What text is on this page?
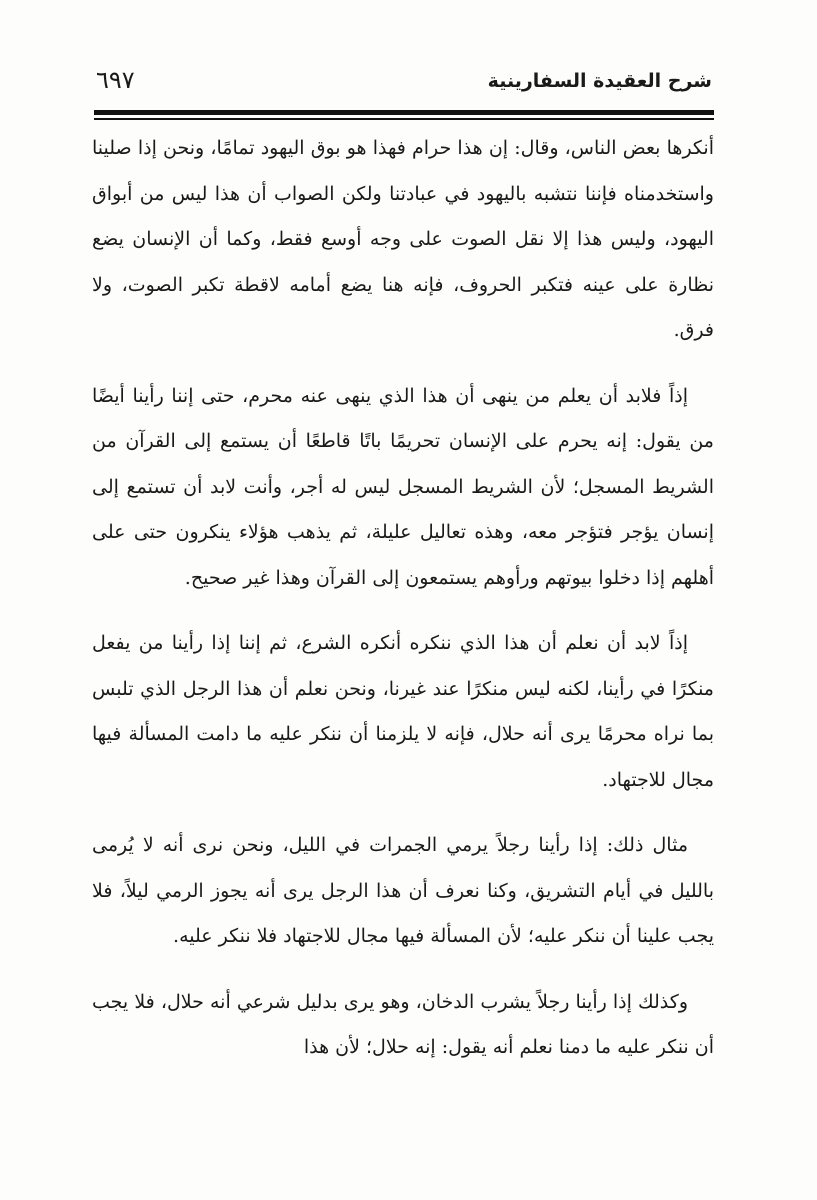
شرح العقيدة السفارينية
٦٩٧

أنكرها بعض الناس، وقال: إن هذا حرام فهذا هو بوق اليهود تمامًا، ونحن إذا صلينا واستخدمناه فإننا نتشبه باليهود في عبادتنا ولكن الصواب أن هذا ليس من أبواق اليهود، وليس هذا إلا نقل الصوت على وجه أوسع فقط، وكما أن الإنسان يضع نظارة على عينه فتكبر الحروف، فإنه هنا يضع أمامه لاقطة تكبر الصوت، ولا فرق.

إذاً فلابد أن يعلم من ينهى أن هذا الذي ينهى عنه محرم، حتى إننا رأينا أيضًا من يقول: إنه يحرم على الإنسان تحريمًا باتًا قاطعًا أن يستمع إلى القرآن من الشريط المسجل؛ لأن الشريط المسجل ليس له أجر، وأنت لابد أن تستمع إلى إنسان يؤجر فتؤجر معه، وهذه تعاليل عليلة، ثم يذهب هؤلاء ينكرون حتى على أهلهم إذا دخلوا بيوتهم ورأوهم يستمعون إلى القرآن وهذا غير صحيح.

إذاً لابد أن نعلم أن هذا الذي ننكره أنكره الشرع، ثم إننا إذا رأينا من يفعل منكرًا في رأينا، لكنه ليس منكرًا عند غيرنا، ونحن نعلم أن هذا الرجل الذي تلبس بما نراه محرمًا يرى أنه حلال، فإنه لا يلزمنا أن ننكر عليه ما دامت المسألة فيها مجال للاجتهاد.

مثال ذلك: إذا رأينا رجلاً يرمي الجمرات في الليل، ونحن نرى أنه لا يُرمى بالليل في أيام التشريق، وكنا نعرف أن هذا الرجل يرى أنه يجوز الرمي ليلاً، فلا يجب علينا أن ننكر عليه؛ لأن المسألة فيها مجال للاجتهاد فلا ننكر عليه.

وكذلك إذا رأينا رجلاً يشرب الدخان، وهو يرى بدليل شرعي أنه حلال، فلا يجب أن ننكر عليه ما دمنا نعلم أنه يقول: إنه حلال؛ لأن هذا
